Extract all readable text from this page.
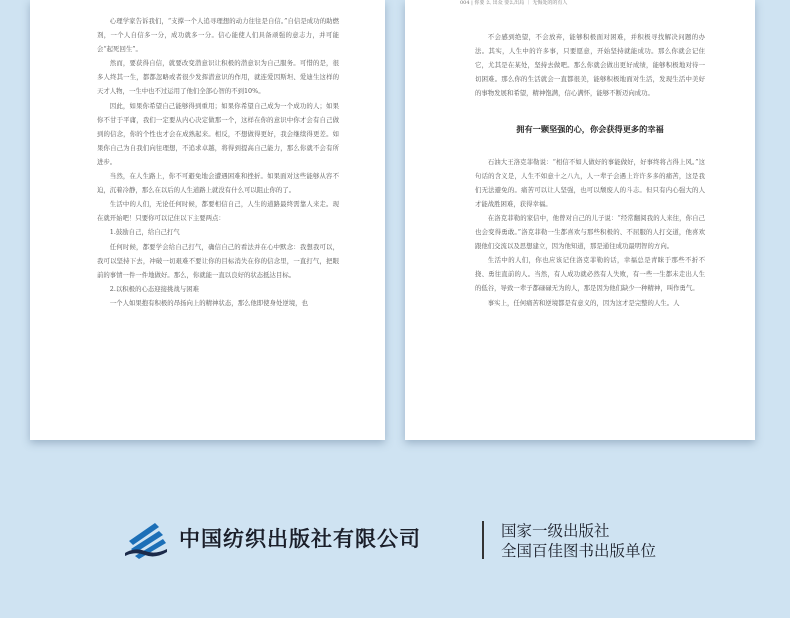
心理学家告诉我们，“支撑一个人追寻理想的动力往往是自信。”自信是成功的助燃剂，一个人自信多一分，成功就多一分。信心能使人们具备顽强的意志力，并可能会“起死回生”。

然而，要获得自信，就要改变潜意识让积极的潜意识为自己服务。可惜的是，很多人终其一生，都都忽略或者很少发挥潜意识的作用，就连爱因斯坦、爱迪生这样的天才人物，一生中也不过运用了他们全部心智的不到10%。

因此，如果你希望自己能够得到重用；如果你希望自己成为一个成功的人；如果你不甘于平庸，我们一定要从内心决定做那一个，这样在你的意识中你才会有自己做到的信念，你的个性也才会在成熟起来。相反，不想做得更好，我会继续得更差。如果你自己为自我们向往理想，不追求卓越，将得到提高自己能力，那么你就不会有所进步。

当然，在人生路上，你不可避免地会遭遇困难和挫折。如果面对这些能够从容不迫，沉着冷静，那么在以后的人生道路上就没有什么可以阻止你的了。

生活中的人们，无论任何时候，都要相信自己，人生的道路最终需靠人来走。现在就开始吧！只要你可以记住以下主要两点：

1.鼓励自己，给自己打气

任何时候，都要学会给自己打气，确信自己的看法并在心中默念：我想我可以，我可以坚持下去，冲破一切艰难不要让你的目标消失在你的信念里，一直打气，把眼前的事情一件一件地做好。那么，你就能一直以良好的状态抵达目标。

2.以积极的心态迎接挑战与困难

一个人如果抱有积极的昂扬向上的精神状态，那么他即使身处逆境，也

004 | 你要 么 出众 要么出局 ｜ 无悔处的的有人

不会感到绝望，不会放弃，能够积极面对困难，并积极寻找解决问题的办法。其实，人生中的许多事，只要愿意，开始坚持就能成功。那么你就会记住它，尤其是在某处，坚持去做吧。那么你就会做出更好成绩，能够积极地对待一切困难。那么你的生活就会一直都很美，能够积极地面对生活，发现生活中美好的事物发展和希望，精神饱满，信心满怀，能够不断迈向成功。

拥有一颗坚强的心，你会获得更多的幸福

石油大王洛克菲勒说：“相信不如人做好的事能做好，好事终将占得上风。”这句话的含义是，人生不如意十之八九，人一辈子会遇上许许多多的痛苦，这是我们无法避免的。痛苦可以让人坚强，也可以颓废人的斗志。但只有内心强大的人才能战胜困难，获得幸福。

在洛克菲勒的家信中，他曾对自己的儿子说：“经常翻阅我的人来往，你自己也会变得勇敢。”洛克菲勒一生都喜欢与那些积极的、不屈服的人打交道，他喜欢跟他们交流以及思想建立，因为他知道，那是通往成功最明智的方向。

生活中的人们，你也应该记住洛克菲勒的话，幸福总是青睐于那些不折不挠、勇往直前的人。当然，有人成功就必然有人失败，有一些一生都未走出人生的低谷，导致一辈子都碌碌无为的人，那是因为他们缺少一种精神，叫作勇气。

事实上，任何痛苦和逆境都是有意义的，因为这才是完整的人生。人

中国纺织出版社有限公司	国家一级出版社
全国百佳图书出版单位
